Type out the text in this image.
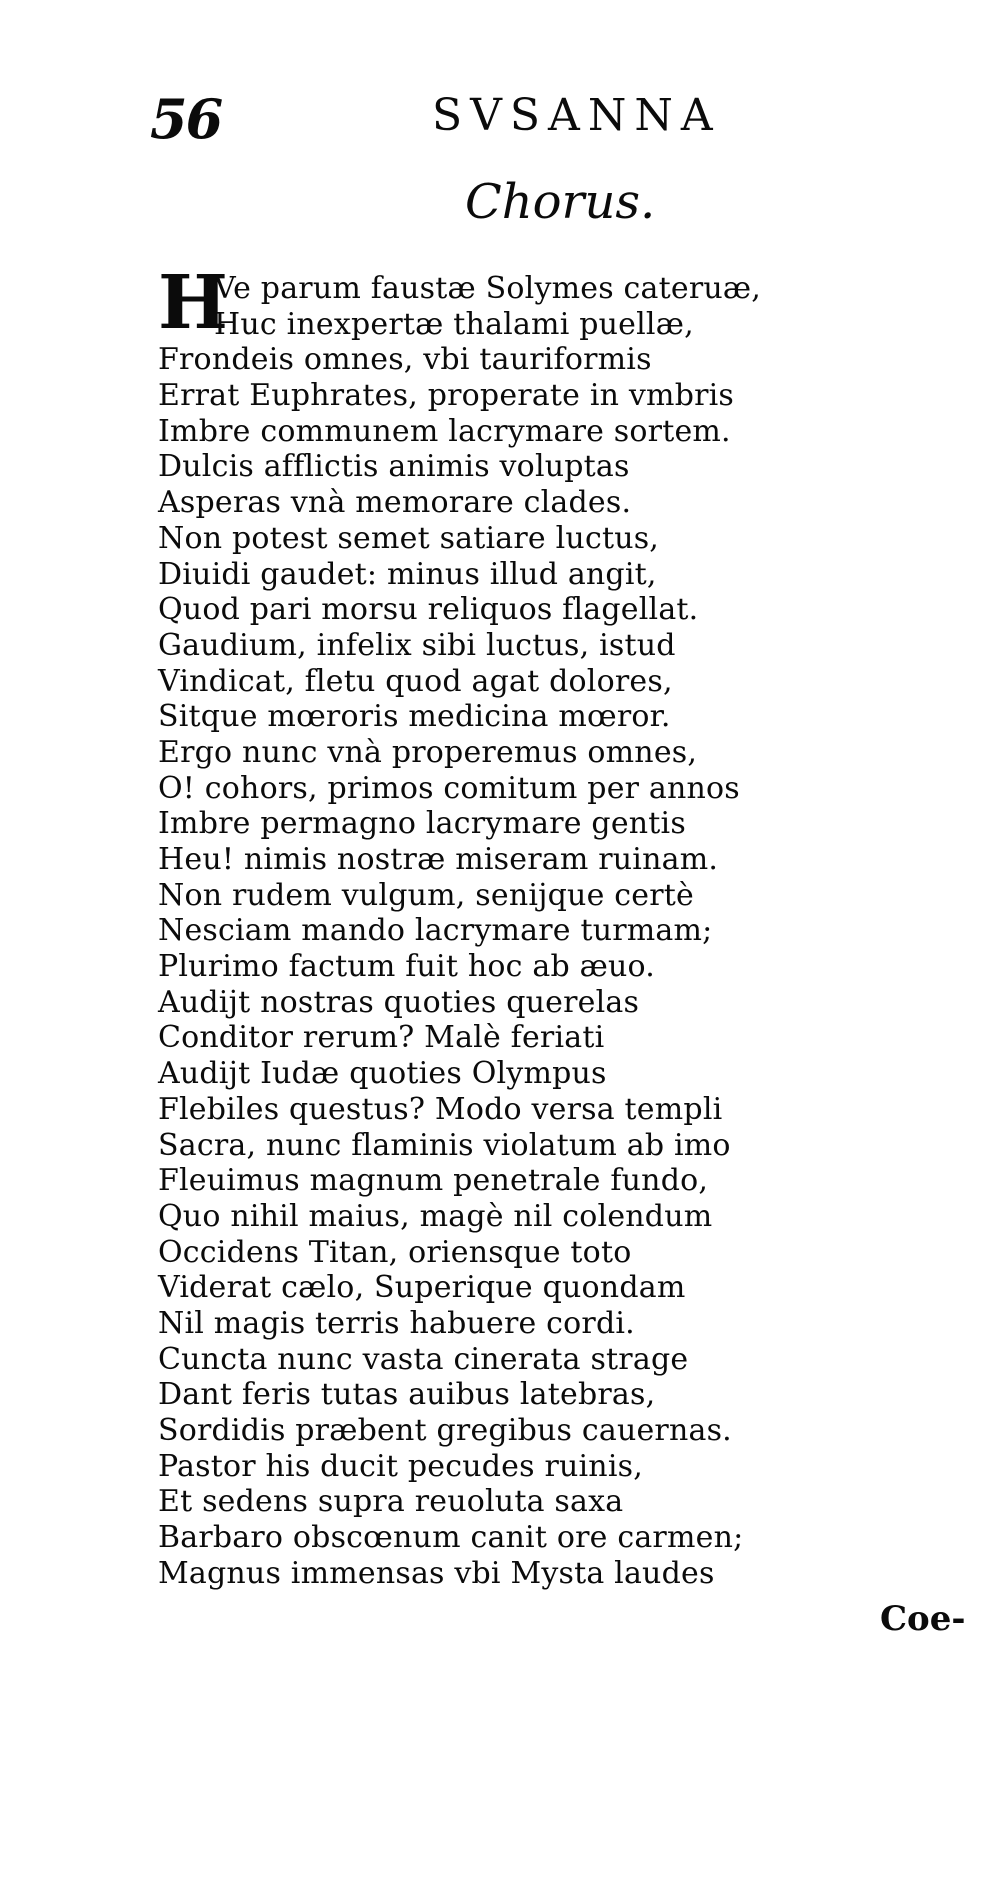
56	SVSANNA
Chorus.
H
Ve parum faustæ Solymes cateruæ,
Huc inexpertæ thalami puellæ,
Frondeis omnes, vbi tauriformis
Errat Euphrates, properate in vmbris
Imbre communem lacrymare sortem.
Dulcis afflictis animis voluptas
Asperas vnà memorare clades.
Non potest semet satiare luctus,
Diuidi gaudet: minus illud angit,
Quod pari morsu reliquos flagellat.
Gaudium, infelix sibi luctus, istud
Vindicat, fletu quod agat dolores,
Sitque mœroris medicina mœror.
Ergo nunc vnà properemus omnes,
O! cohors, primos comitum per annos
Imbre permagno lacrymare gentis
Heu! nimis nostræ miseram ruinam.
Non rudem vulgum, senijque certè
Nesciam mando lacrymare turmam;
Plurimo factum fuit hoc ab æuo.
Audijt nostras quoties querelas
Conditor rerum? Malè feriati
Audijt Iudæ quoties Olympus
Flebiles questus? Modo versa templi
Sacra, nunc flaminis violatum ab imo
Fleuimus magnum penetrale fundo,
Quo nihil maius, magè nil colendum
Occidens Titan, oriensque toto
Viderat cælo, Superique quondam
Nil magis terris habuere cordi.
Cuncta nunc vasta cinerata strage
Dant feris tutas auibus latebras,
Sordidis præbent gregibus cauernas.
Pastor his ducit pecudes ruinis,
Et sedens supra reuoluta saxa
Barbaro obscœnum canit ore carmen;
Magnus immensas vbi Mysta laudes
Coe-
